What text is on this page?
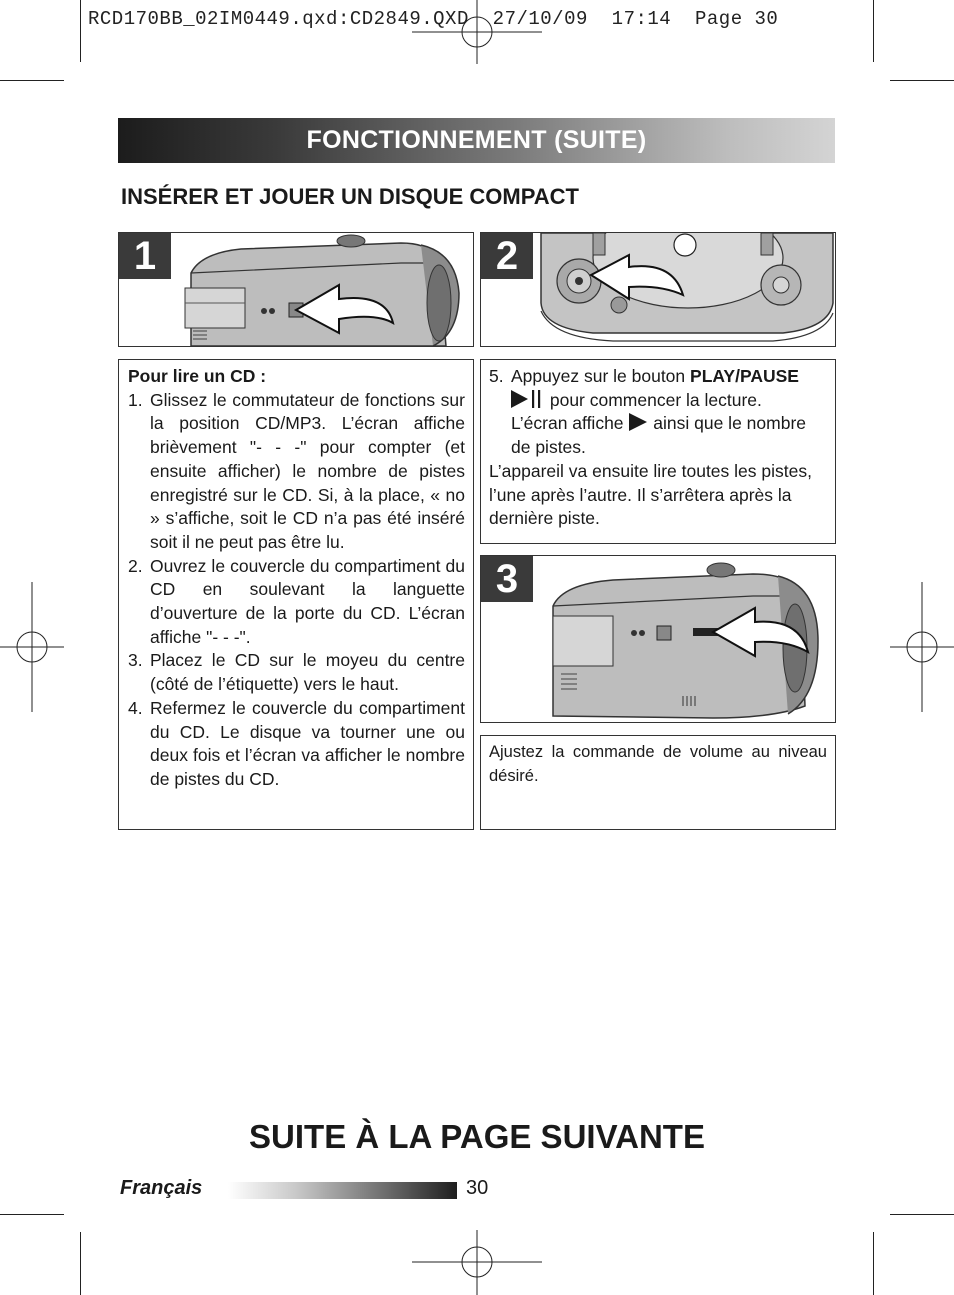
RCD170BB_02IM0449.qxd:CD2849.QXD  27/10/09  17:14  Page 30
FONCTIONNEMENT (SUITE)
INSÉRER ET JOUER UN DISQUE COMPACT
1	2
3

Pour lire un CD :

1. Glissez le commutateur de fonctions sur la position CD/MP3. L’écran affiche brièvement "- - -" pour compter (et ensuite afficher) le nombre de pistes enregistré sur le CD. Si, à la place, « no » s’affiche, soit le CD n’a pas été inséré soit il ne peut pas être lu.
2. Ouvrez le couvercle du compartiment du CD en soulevant la languette d’ouverture de la porte du CD. L’écran affiche "- - -".
3. Placez le CD sur le moyeu du centre (côté de l’étiquette) vers le haut.
4. Refermez le couvercle du compartiment du CD. Le disque va tourner une ou deux fois et l’écran va afficher le nombre de pistes du CD.
5. Appuyez sur le bouton PLAY/PAUSE
pour commencer la lecture.
L’écran affiche  ainsi que le nombre de pistes.

L’appareil va ensuite lire toutes les pistes, l’une après l’autre. Il s’arrêtera après la dernière piste.

Ajustez la commande de volume au niveau désiré.

SUITE À LA PAGE SUIVANTE
Français	30
